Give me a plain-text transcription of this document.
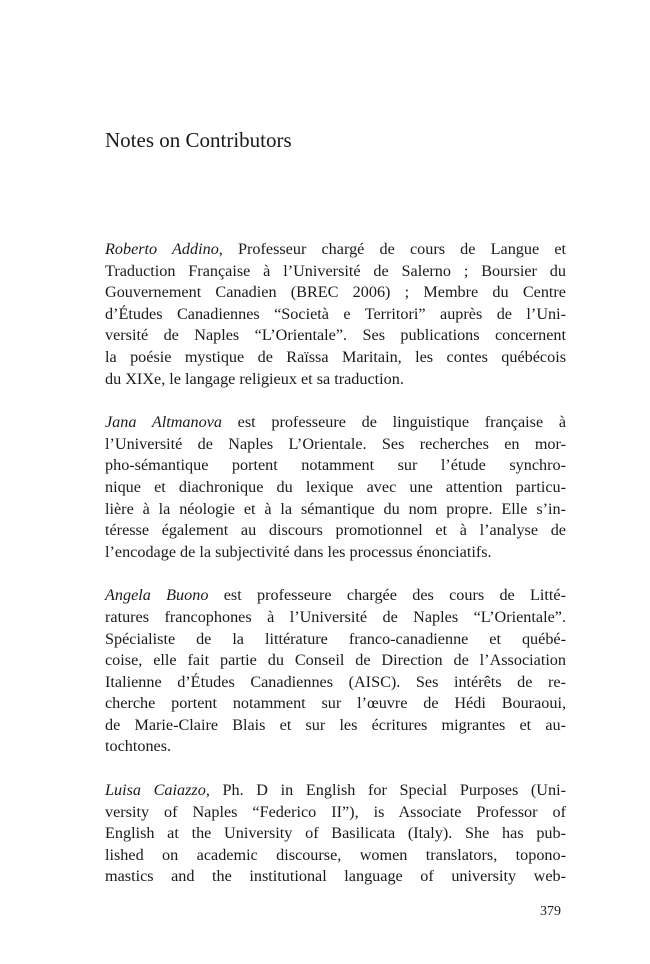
Notes on Contributors
Roberto Addino, Professeur chargé de cours de Langue et
Traduction Française à l’Université de Salerno ; Boursier du
Gouvernement Canadien (BREC 2006) ; Membre du Centre
d’Études Canadiennes “Società e Territori” auprès de l’Uni-
versité de Naples “L’Orientale”. Ses publications concernent
la poésie mystique de Raïssa Maritain, les contes québécois
du XIXe, le langage religieux et sa traduction.
Jana Altmanova est professeure de linguistique française à
l’Université de Naples L’Orientale. Ses recherches en mor-
pho-sémantique portent notamment sur l’étude synchro-
nique et diachronique du lexique avec une attention particu-
lière à la néologie et à la sémantique du nom propre. Elle s’in-
téresse également au discours promotionnel et à l’analyse de
l’encodage de la subjectivité dans les processus énonciatifs.
Angela Buono est professeure chargée des cours de Litté-
ratures francophones à l’Université de Naples “L’Orientale”.
Spécialiste de la littérature franco-canadienne et québé-
coise, elle fait partie du Conseil de Direction de l’Association
Italienne d’Études Canadiennes (AISC). Ses intérêts de re-
cherche portent notamment sur l’œuvre de Hédi Bouraoui,
de Marie-Claire Blais et sur les écritures migrantes et au-
tochtones.
Luisa Caiazzo, Ph. D in English for Special Purposes (Uni-
versity of Naples “Federico II”), is Associate Professor of
English at the University of Basilicata (Italy). She has pub-
lished on academic discourse, women translators, topono-
mastics and the institutional language of university web-
379
